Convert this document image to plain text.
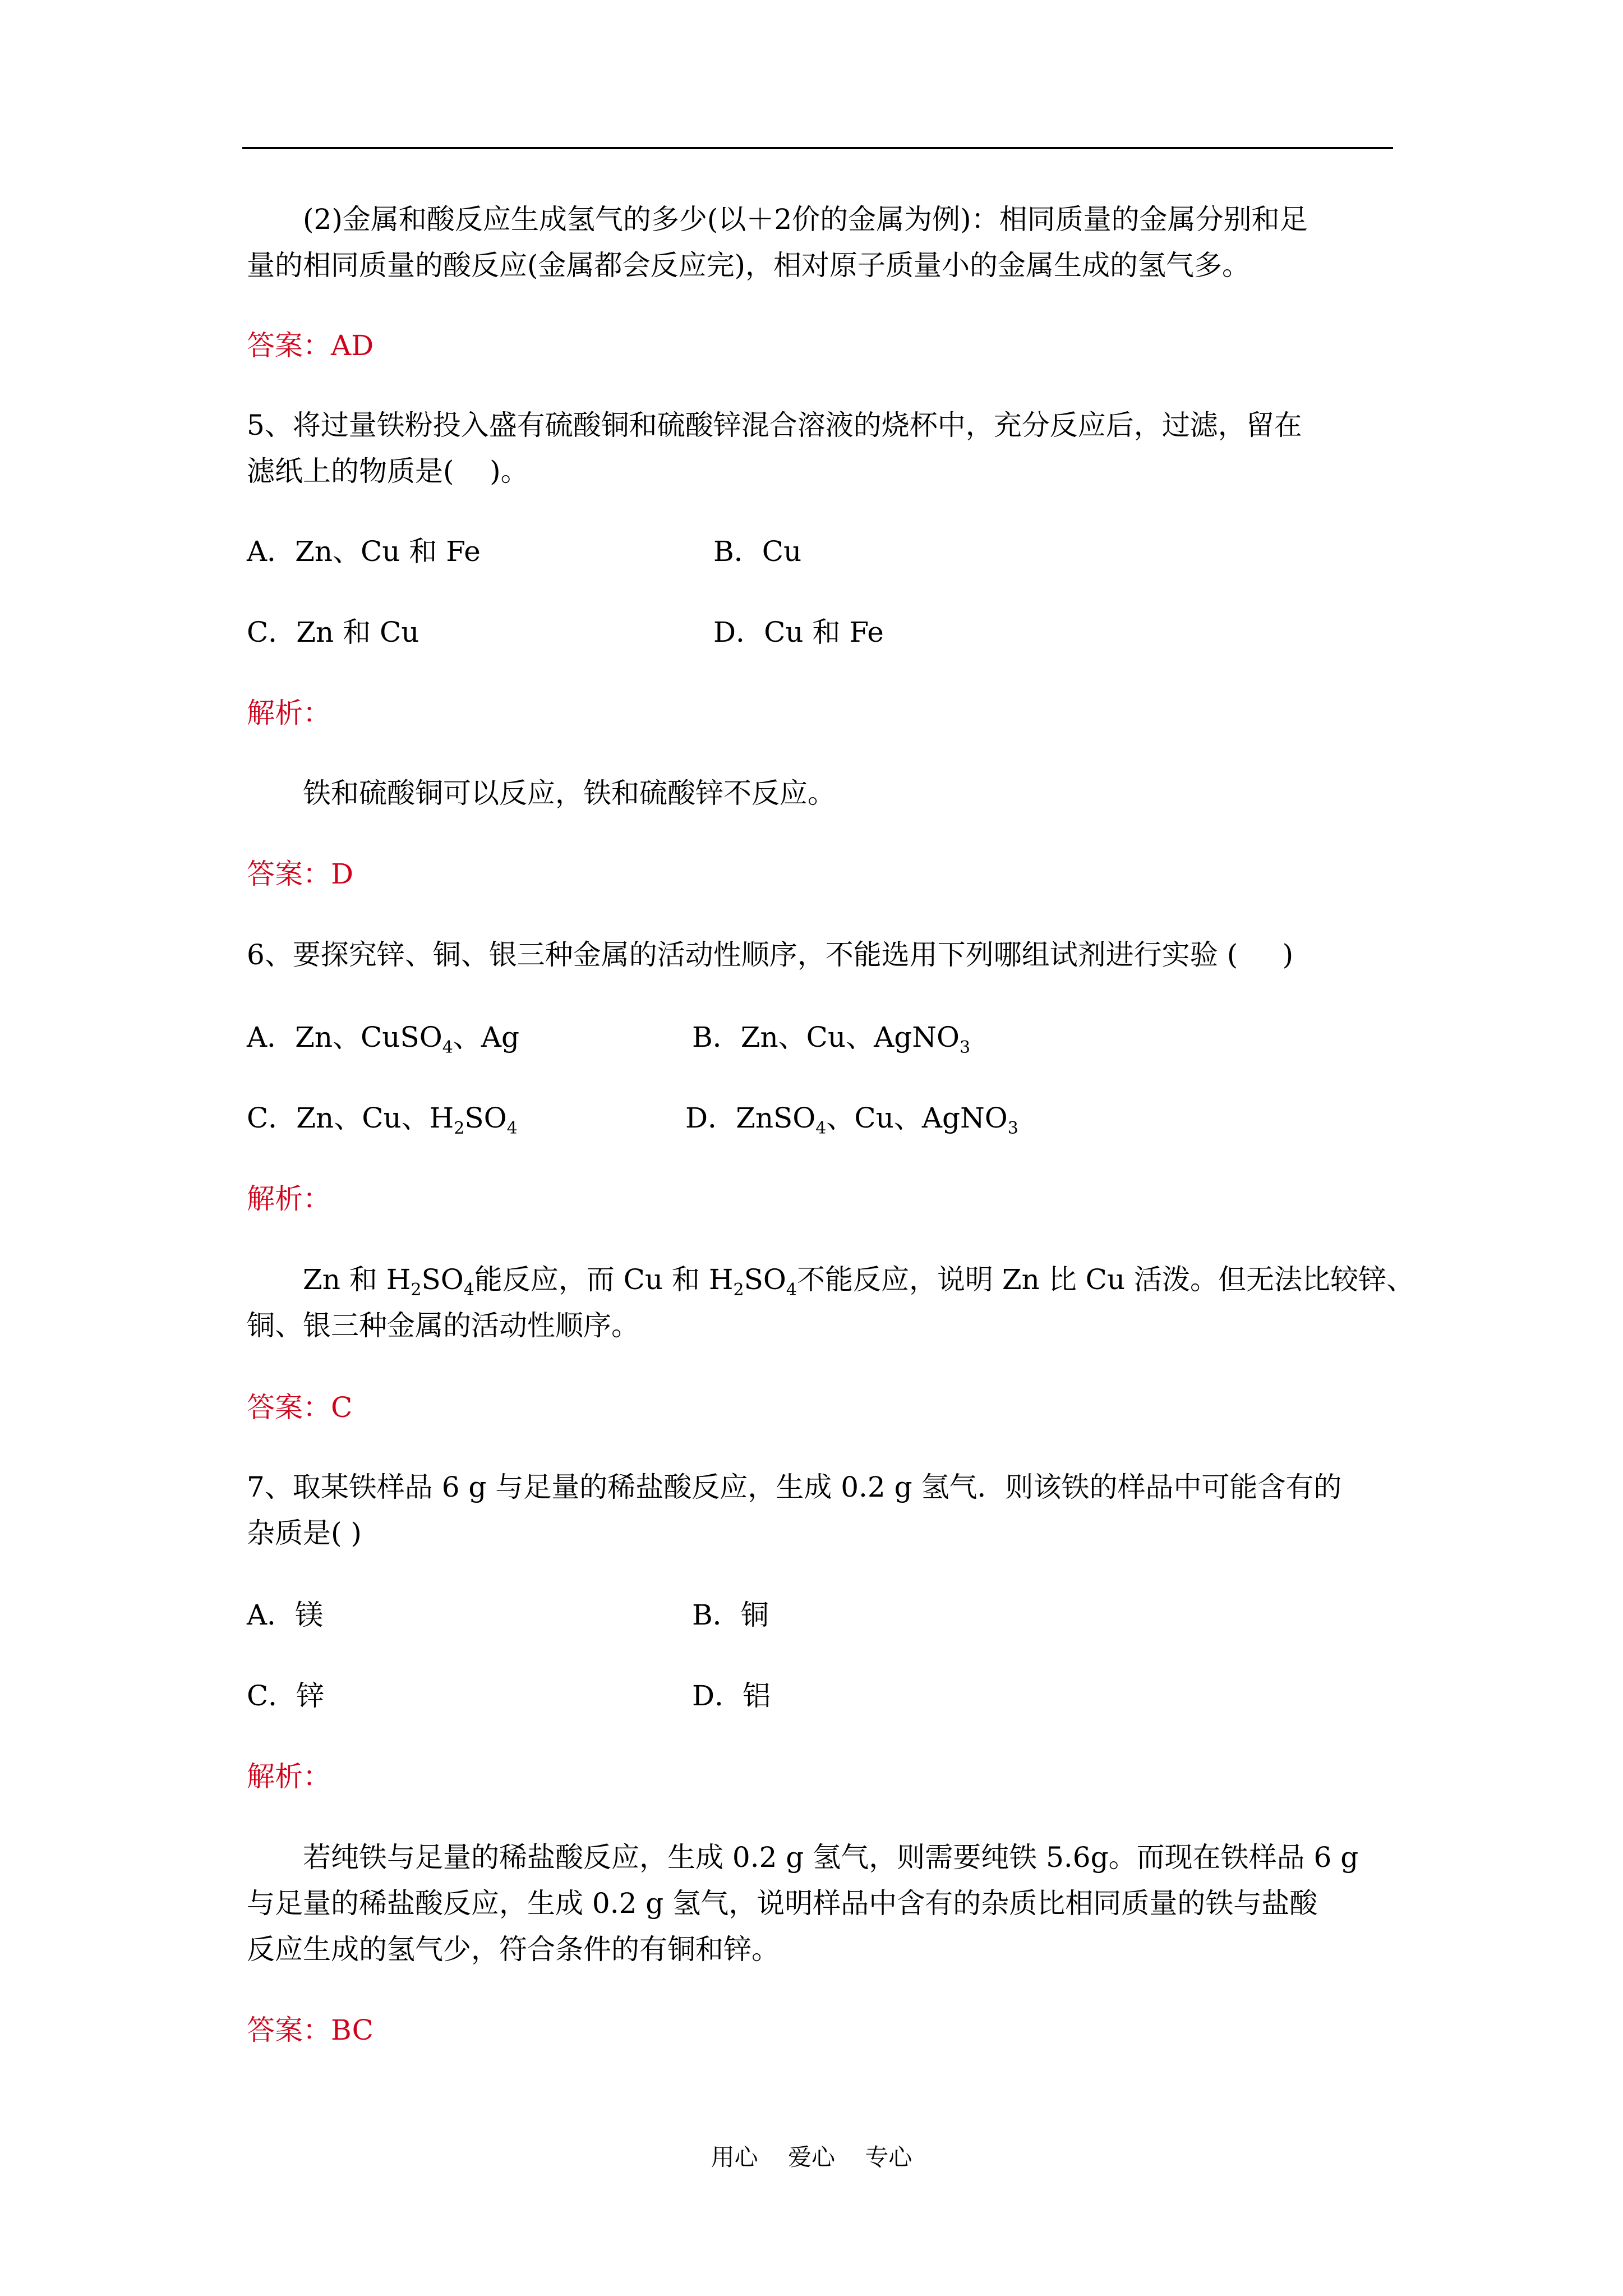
(2)金属和酸反应生成氢气的多少(以＋2价的金属为例)：相同质量的金属分别和足
量的相同质量的酸反应(金属都会反应完)，相对原子质量小的金属生成的氢气多。
答案：AD
5、将过量铁粉投入盛有硫酸铜和硫酸锌混合溶液的烧杯中，充分反应后，过滤，留在
滤纸上的物质是(    )。
A．Zn、Cu 和 Fe	B．Cu
C．Zn 和 Cu	D．Cu 和 Fe
解析：
铁和硫酸铜可以反应，铁和硫酸锌不反应。
答案：D
6、要探究锌、铜、银三种金属的活动性顺序，不能选用下列哪组试剂进行实验 (     )
A．Zn、CuSO$_4$、Ag	B．Zn、Cu、AgNO$_3$
C．Zn、Cu、$H_2SO_4$	D．ZnSO$_4$、Cu、AgNO$_3$
解析：
Zn 和 $H_2SO_4$能反应，而 Cu 和 $H_2SO_4$不能反应，说明 Zn 比 Cu 活泼。但无法比较锌、
铜、银三种金属的活动性顺序。
答案：C
7、取某铁样品 6 g 与足量的稀盐酸反应，生成 0.2 g 氢气．则该铁的样品中可能含有的
杂质是( )
A．镁	B．铜
C．锌	D．铝
解析：
若纯铁与足量的稀盐酸反应，生成 0.2 g 氢气，则需要纯铁 5.6g。而现在铁样品 6 g
与足量的稀盐酸反应，生成 0.2 g 氢气，说明样品中含有的杂质比相同质量的铁与盐酸
反应生成的氢气少，符合条件的有铜和锌。
答案：BC
用心    爱心    专心
